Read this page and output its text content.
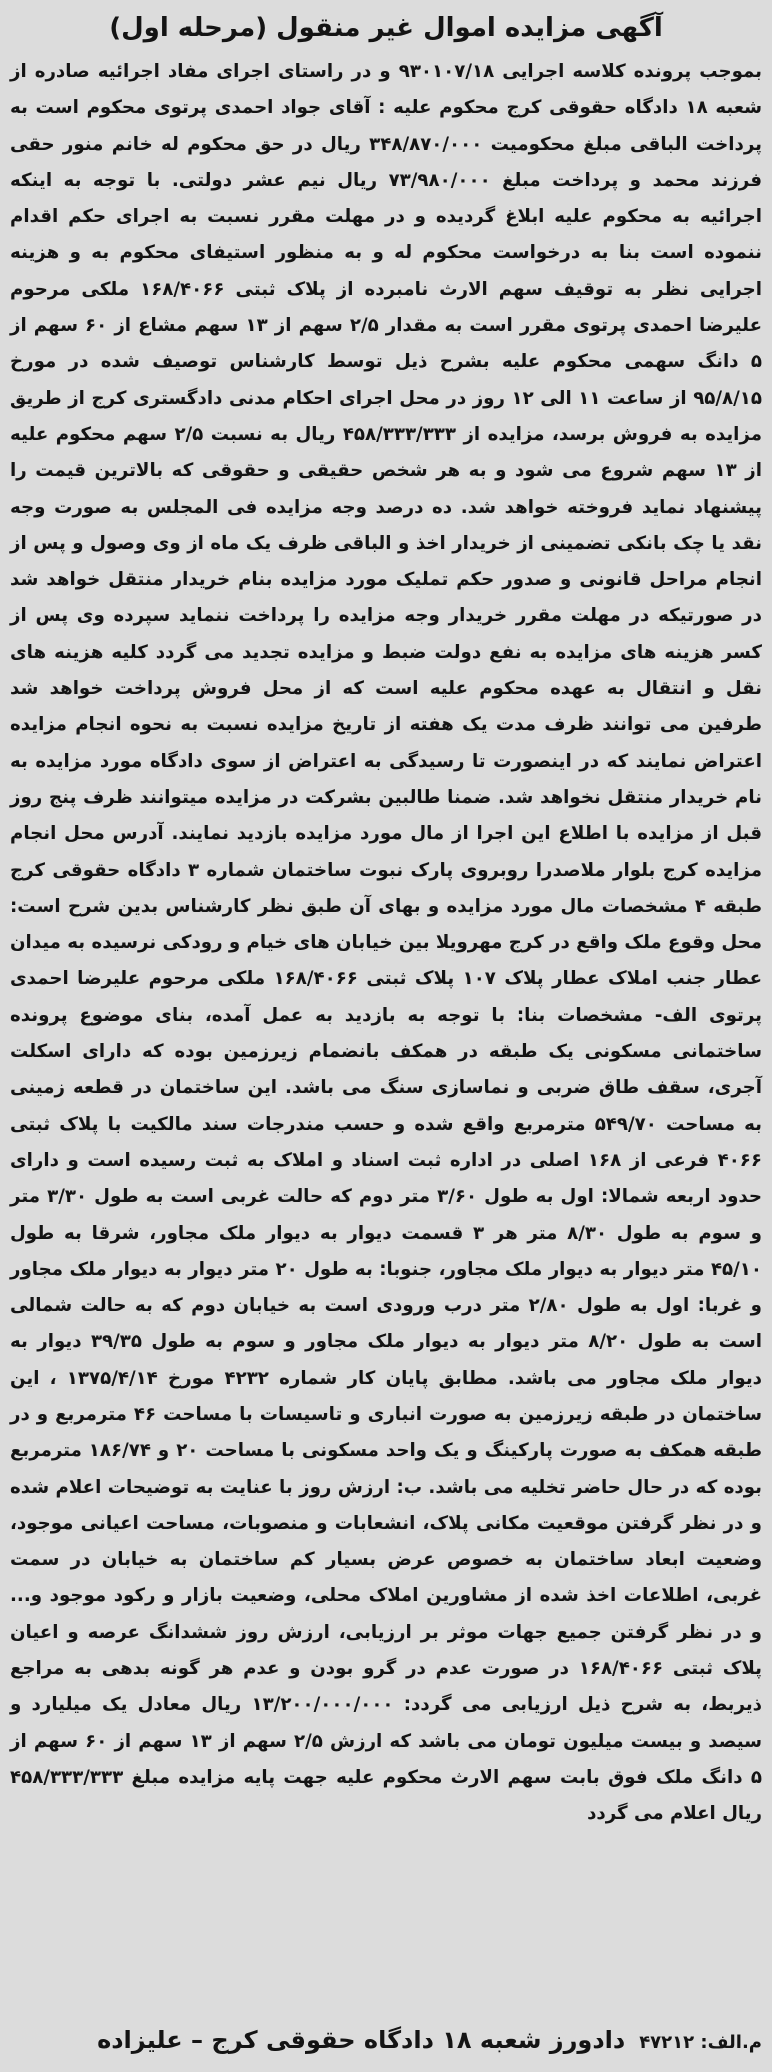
آگهی مزایده اموال غیر منقول (مرحله اول)

بموجب پرونده کلاسه اجرایی ۹۳۰۱۰۷/۱۸ و در راستای اجرای مفاد اجرائیه صادره از شعبه ۱۸ دادگاه حقوقی کرج محکوم علیه : آقای جواد احمدی پرتوی محکوم است به پرداخت الباقی مبلغ محکومیت ۳۴۸/۸۷۰/۰۰۰ ریال در حق محکوم له خانم منور حقی فرزند محمد و پرداخت مبلغ ۷۳/۹۸۰/۰۰۰ ریال نیم عشر دولتی. با توجه به اینکه اجرائیه به محکوم علیه ابلاغ گردیده و در مهلت مقرر نسبت به اجرای حکم اقدام ننموده است بنا به درخواست محکوم له و به منظور استیفای محکوم به و هزینه اجرایی نظر به توقیف سهم الارث نامبرده از پلاک ثبتی ۱۶۸/۴۰۶۶ ملکی مرحوم علیرضا احمدی پرتوی مقرر است به مقدار ۲/۵ سهم از ۱۳ سهم مشاع از ۶۰ سهم از ۵ دانگ سهمی محکوم علیه بشرح ذیل توسط کارشناس توصیف شده در مورخ ۹۵/۸/۱۵ از ساعت ۱۱ الی ۱۲ روز در محل اجرای احکام مدنی دادگستری کرج از طریق مزایده به فروش برسد، مزایده از ۴۵۸/۳۳۳/۳۳۳ ریال به نسبت ۲/۵ سهم محکوم علیه از ۱۳ سهم شروع می شود و به هر شخص حقیقی و حقوقی که بالاترین قیمت را پیشنهاد نماید فروخته خواهد شد. ده درصد وجه مزایده فی المجلس به صورت وجه نقد یا چک بانکی تضمینی از خریدار اخذ و الباقی ظرف یک ماه از وی وصول و پس از انجام مراحل قانونی و صدور حکم تملیک مورد مزایده بنام خریدار منتقل خواهد شد در صورتیکه در مهلت مقرر خریدار وجه مزایده را پرداخت ننماید سپرده وی پس از کسر هزینه های مزایده به نفع دولت ضبط و مزایده تجدید می گردد کلیه هزینه های نقل و انتقال به عهده محکوم علیه است که از محل فروش پرداخت خواهد شد طرفین می توانند ظرف مدت یک هفته از تاریخ مزایده نسبت به نحوه انجام مزایده اعتراض نمایند که در اینصورت تا رسیدگی به اعتراض از سوی دادگاه مورد مزایده به نام خریدار منتقل نخواهد شد. ضمنا طالبین بشرکت در مزایده میتوانند ظرف پنج روز قبل از مزایده با اطلاع این اجرا از مال مورد مزایده بازدید نمایند. آدرس محل انجام مزایده کرج بلوار ملاصدرا روبروی پارک نبوت ساختمان شماره ۳ دادگاه حقوقی کرج طبقه ۴ مشخصات مال مورد مزایده و بهای آن طبق نظر کارشناس بدین شرح است: محل وقوع ملک واقع در کرج مهرویلا بین خیابان های خیام و رودکی نرسیده به میدان عطار جنب املاک عطار پلاک ۱۰۷ پلاک ثبتی ۱۶۸/۴۰۶۶ ملکی مرحوم علیرضا احمدی پرتوی الف- مشخصات بنا: با توجه به بازدید به عمل آمده، بنای موضوع پرونده ساختمانی مسکونی یک طبقه در همکف بانضمام زیرزمین بوده که دارای اسکلت آجری، سقف طاق ضربی و نماسازی سنگ می باشد. این ساختمان در قطعه زمینی به مساحت ۵۴۹/۷۰ مترمربع واقع شده و حسب مندرجات سند مالکیت با پلاک ثبتی ۴۰۶۶ فرعی از ۱۶۸ اصلی در اداره ثبت اسناد و املاک به ثبت رسیده است و دارای حدود اربعه شمالا: اول به طول ۳/۶۰ متر دوم که حالت غربی است به طول ۳/۳۰ متر و سوم به طول ۸/۳۰ متر هر ۳ قسمت دیوار به دیوار ملک مجاور، شرقا به طول ۴۵/۱۰ متر دیوار به دیوار ملک مجاور، جنوبا: به طول ۲۰ متر دیوار به دیوار ملک مجاور و غربا: اول به طول ۲/۸۰ متر درب ورودی است به خیابان دوم که به حالت شمالی است به طول ۸/۲۰ متر دیوار به دیوار ملک مجاور و سوم به طول ۳۹/۳۵ دیوار به دیوار ملک مجاور می باشد. مطابق پایان کار شماره ۴۲۳۲ مورخ ۱۳۷۵/۴/۱۴ ، این ساختمان در طبقه زیرزمین به صورت انباری و تاسیسات با مساحت ۴۶ مترمربع و در طبقه همکف به صورت پارکینگ و یک واحد مسکونی با مساحت ۲۰ و ۱۸۶/۷۴ مترمربع بوده که در حال حاضر تخلیه می باشد. ب: ارزش روز با عنایت به توضیحات اعلام شده و در نظر گرفتن موقعیت مکانی پلاک، انشعابات و منصوبات، مساحت اعیانی موجود، وضعیت ابعاد ساختمان به خصوص عرض بسیار کم ساختمان به خیابان در سمت غربی، اطلاعات اخذ شده از مشاورین املاک محلی، وضعیت بازار و رکود موجود و... و در نظر گرفتن جمیع جهات موثر بر ارزیابی، ارزش روز ششدانگ عرصه و اعیان پلاک ثبتی ۱۶۸/۴۰۶۶ در صورت عدم در گرو بودن و عدم هر گونه بدهی به مراجع ذیربط، به شرح ذیل ارزیابی می گردد: ۱۳/۲۰۰/۰۰۰/۰۰۰ ریال معادل یک میلیارد و سیصد و بیست میلیون تومان می باشد که ارزش ۲/۵ سهم از ۱۳ سهم از ۶۰ سهم از ۵ دانگ ملک فوق بابت سهم الارث محکوم علیه جهت پایه مزایده مبلغ ۴۵۸/۳۳۳/۳۳۳ ریال اعلام می گردد

م.الف: ۴۷۲۱۲
دادورز شعبه ۱۸ دادگاه حقوقی کرج – علیزاده
